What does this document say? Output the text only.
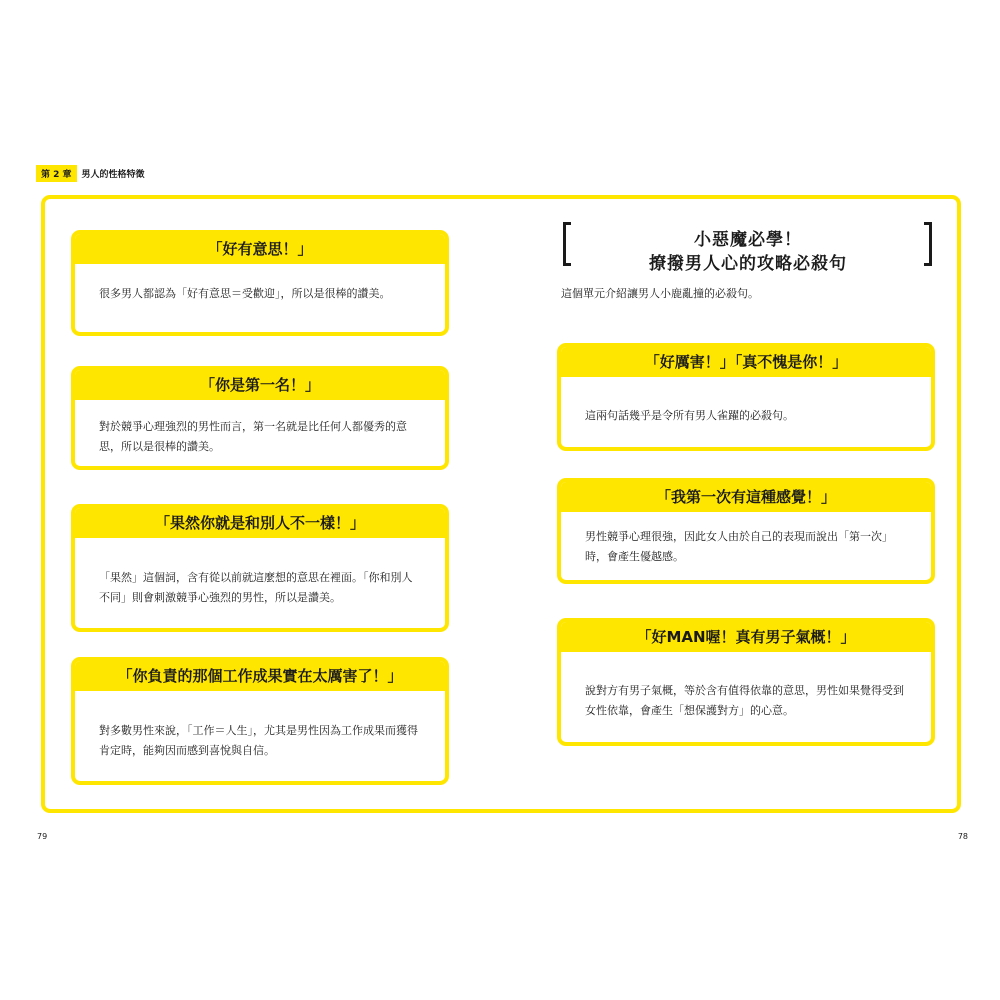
第 2 章	男人的性格特徵
「好有意思！」
很多男人都認為「好有意思＝受歡迎」，所以是很棒的讚美。
「你是第一名！」
對於競爭心理強烈的男性而言，第一名就是比任何人都優秀的意思，所以是很棒的讚美。
「果然你就是和別人不一樣！」
「果然」這個詞，含有從以前就這麼想的意思在裡面。「你和別人不同」則會刺激競爭心強烈的男性，所以是讚美。
「你負責的那個工作成果實在太厲害了！」
對多數男性來說，「工作＝人生」，尤其是男性因為工作成果而獲得肯定時，能夠因而感到喜悅與自信。
小惡魔必學！
撩撥男人心的攻略必殺句
這個單元介紹讓男人小鹿亂撞的必殺句。
「好厲害！」「真不愧是你！」
這兩句話幾乎是令所有男人雀躍的必殺句。
「我第一次有這種感覺！」
男性競爭心理很強，因此女人由於自己的表現而說出「第一次」時，會產生優越感。
「好MAN喔！真有男子氣概！」
說對方有男子氣概，等於含有值得依靠的意思，男性如果覺得受到女性依靠，會產生「想保護對方」的心意。
79	78
